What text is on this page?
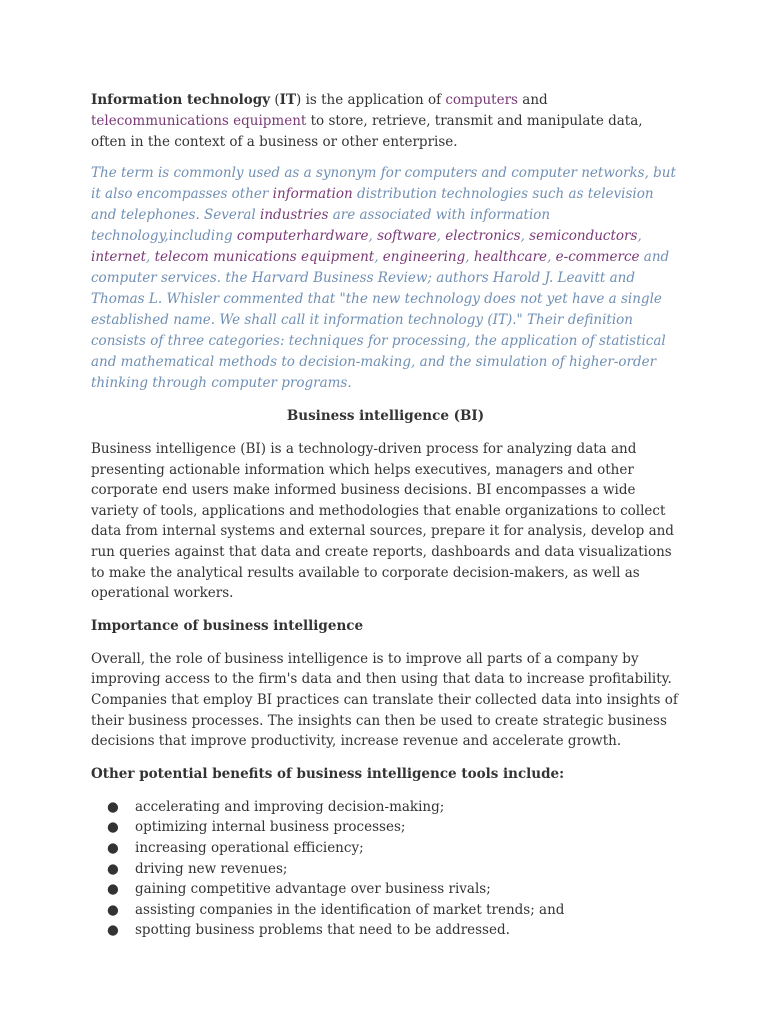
Information technology (IT) is the application of computers and telecommunications equipment to store, retrieve, transmit and manipulate data, often in the context of a business or other enterprise.

The term is commonly used as a synonym for computers and computer networks, but it also encompasses other information distribution technologies such as television and telephones. Several industries are associated with information technology,including computerhardware, software, electronics, semiconductors, internet, telecom munications equipment, engineering, healthcare, e-commerce and computer services. the Harvard Business Review; authors Harold J. Leavitt and Thomas L. Whisler commented that "the new technology does not yet have a single established name. We shall call it information technology (IT)." Their definition consists of three categories: techniques for processing, the application of statistical and mathematical methods to decision-making, and the simulation of higher-order thinking through computer programs.

Business intelligence (BI)

Business intelligence (BI) is a technology-driven process for analyzing data and presenting actionable information which helps executives, managers and other corporate end users make informed business decisions. BI encompasses a wide variety of tools, applications and methodologies that enable organizations to collect data from internal systems and external sources, prepare it for analysis, develop and run queries against that data and create reports, dashboards and data visualizations to make the analytical results available to corporate decision-makers, as well as operational workers.

Importance of business intelligence

Overall, the role of business intelligence is to improve all parts of a company by improving access to the firm's data and then using that data to increase profitability. Companies that employ BI practices can translate their collected data into insights of their business processes. The insights can then be used to create strategic business decisions that improve productivity, increase revenue and accelerate growth.

Other potential benefits of business intelligence tools include:

● accelerating and improving decision-making;
● optimizing internal business processes;
● increasing operational efficiency;
● driving new revenues;
● gaining competitive advantage over business rivals;
● assisting companies in the identification of market trends; and
● spotting business problems that need to be addressed.
